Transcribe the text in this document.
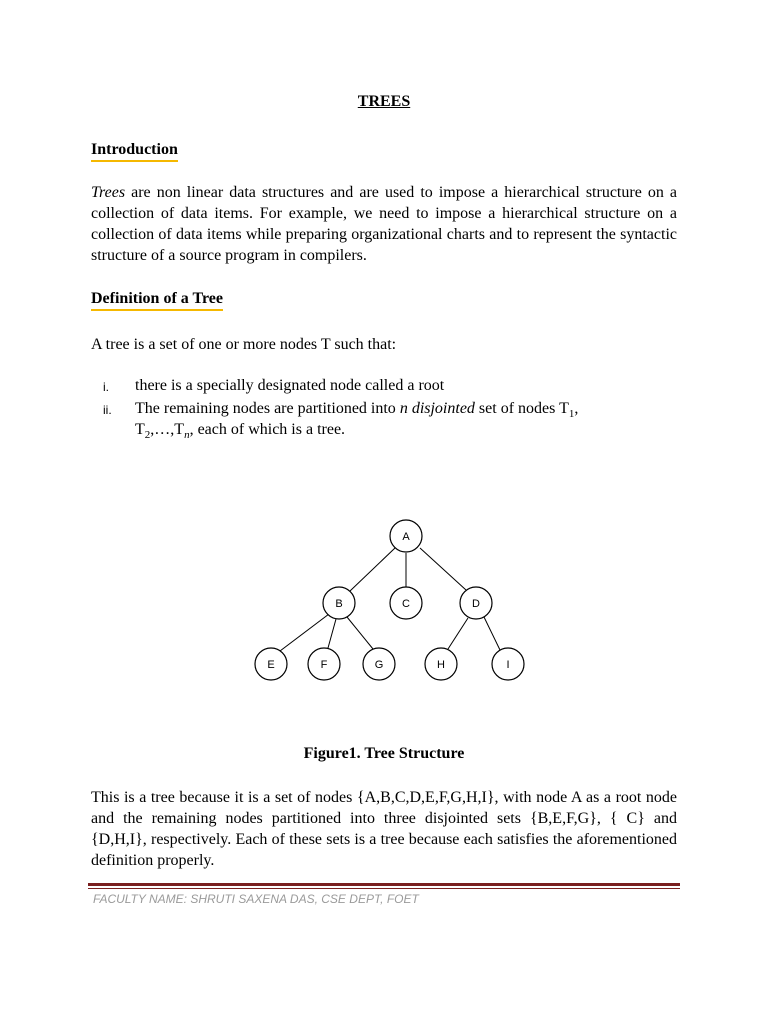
TREES
Introduction
Trees are non linear data structures and are used to impose a hierarchical structure on a collection of data items. For example, we need to impose a hierarchical structure on a collection of data items while preparing organizational charts and to represent the syntactic structure of a source program in compilers.
Definition of a Tree
A tree is a set of one or more nodes T such that:
i.	there is a specially designated node called a root
ii.	The remaining nodes are partitioned into n disjointed set of nodes $T_1$,
$T_2,\dots,T_n$, each of which is a tree.
A
B	C	D
E	F	G	H	I
Figure1. Tree Structure
This is a tree because it is a set of nodes {A,B,C,D,E,F,G,H,I}, with node A as a root node and the remaining nodes partitioned into three disjointed sets {B,E,F,G}, { C} and {D,H,I}, respectively. Each of these sets is a tree because each satisfies the aforementioned definition properly.
FACULTY NAME: SHRUTI SAXENA DAS, CSE DEPT, FOET
